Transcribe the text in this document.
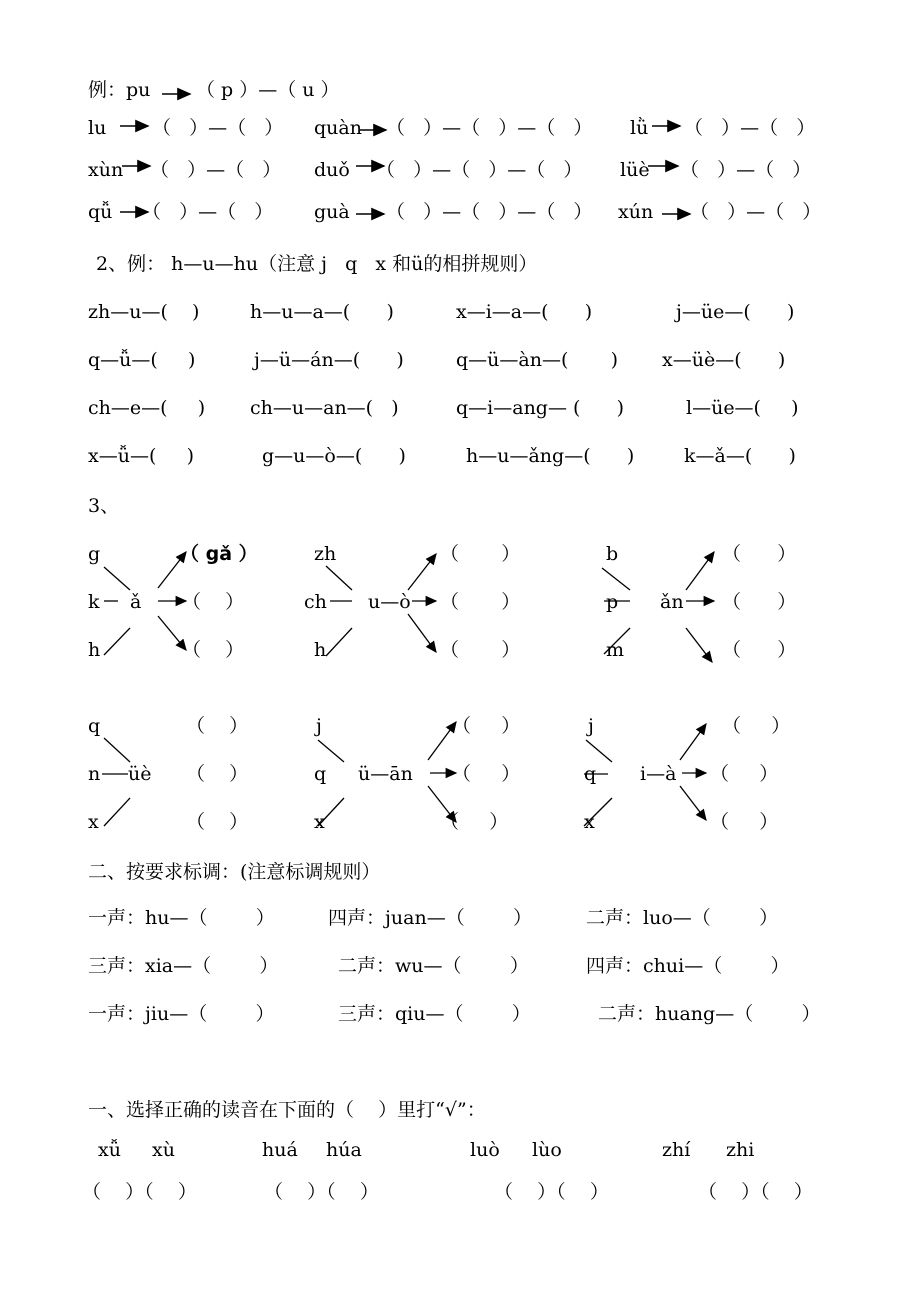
例：pu （ p ）—（ u ）
lu （   ）—（   ） quàn （   ）—（   ）—（   ） lǜ （   ）—（   ）
xùn （   ）—（   ） duǒ （   ）—（   ）—（   ） lüè （   ）—（   ）
qǚ （   ）—（   ） guà （   ）—（   ）—（   ） xún （   ）—（   ）
2、例： h—u—hu（注意 j   q   x 和ü的相拼规则）
zh—u—(    )	h—u—a—(      )	x—i—a—(      )	j—üe—(      )
q—ǚ—(     )	j—ü—án—(      )	q—ü—àn—(       ) x—üè—(      )
ch—e—(     ) ch—u—an—(   )	q—i—ang— (      )	l—üe—(     )
x—ǚ—(     )	g—u—ò—(      )	h—u—ǎng—(      )	k—ǎ—(      )
3、
g
k
h
ǎ
（ gǎ ）
（    ）
（    ）
zh
ch
h
u—ò
（       ）
（       ）
（       ）
b
p
m
ǎn
（      ）
（      ）
（      ）
q
n
x
üè
（    ）
（    ）
（    ）
j
q
x
ü—ān
（     ）
（     ）
（     ）
j
q
x
i—à
（     ）
（     ）
（     ）
二、按要求标调：(注意标调规则）
一声：hu—（        ）	四声：juan—（        ）	二声：luo—（        ）
三声：xia—（        ）	二声：wu—（        ）	四声：chui—（        ）
一声：jiu—（        ）	三声：qiu—（        ）	二声：huang—（        ）
一、选择正确的读音在下面的（    ）里打“√”：
xǚ xù	huá húa	luò lùo	zhí zhi
（    ）（    ）	（    ）（    ）	（    ）（    ）	（    ）（    ）
